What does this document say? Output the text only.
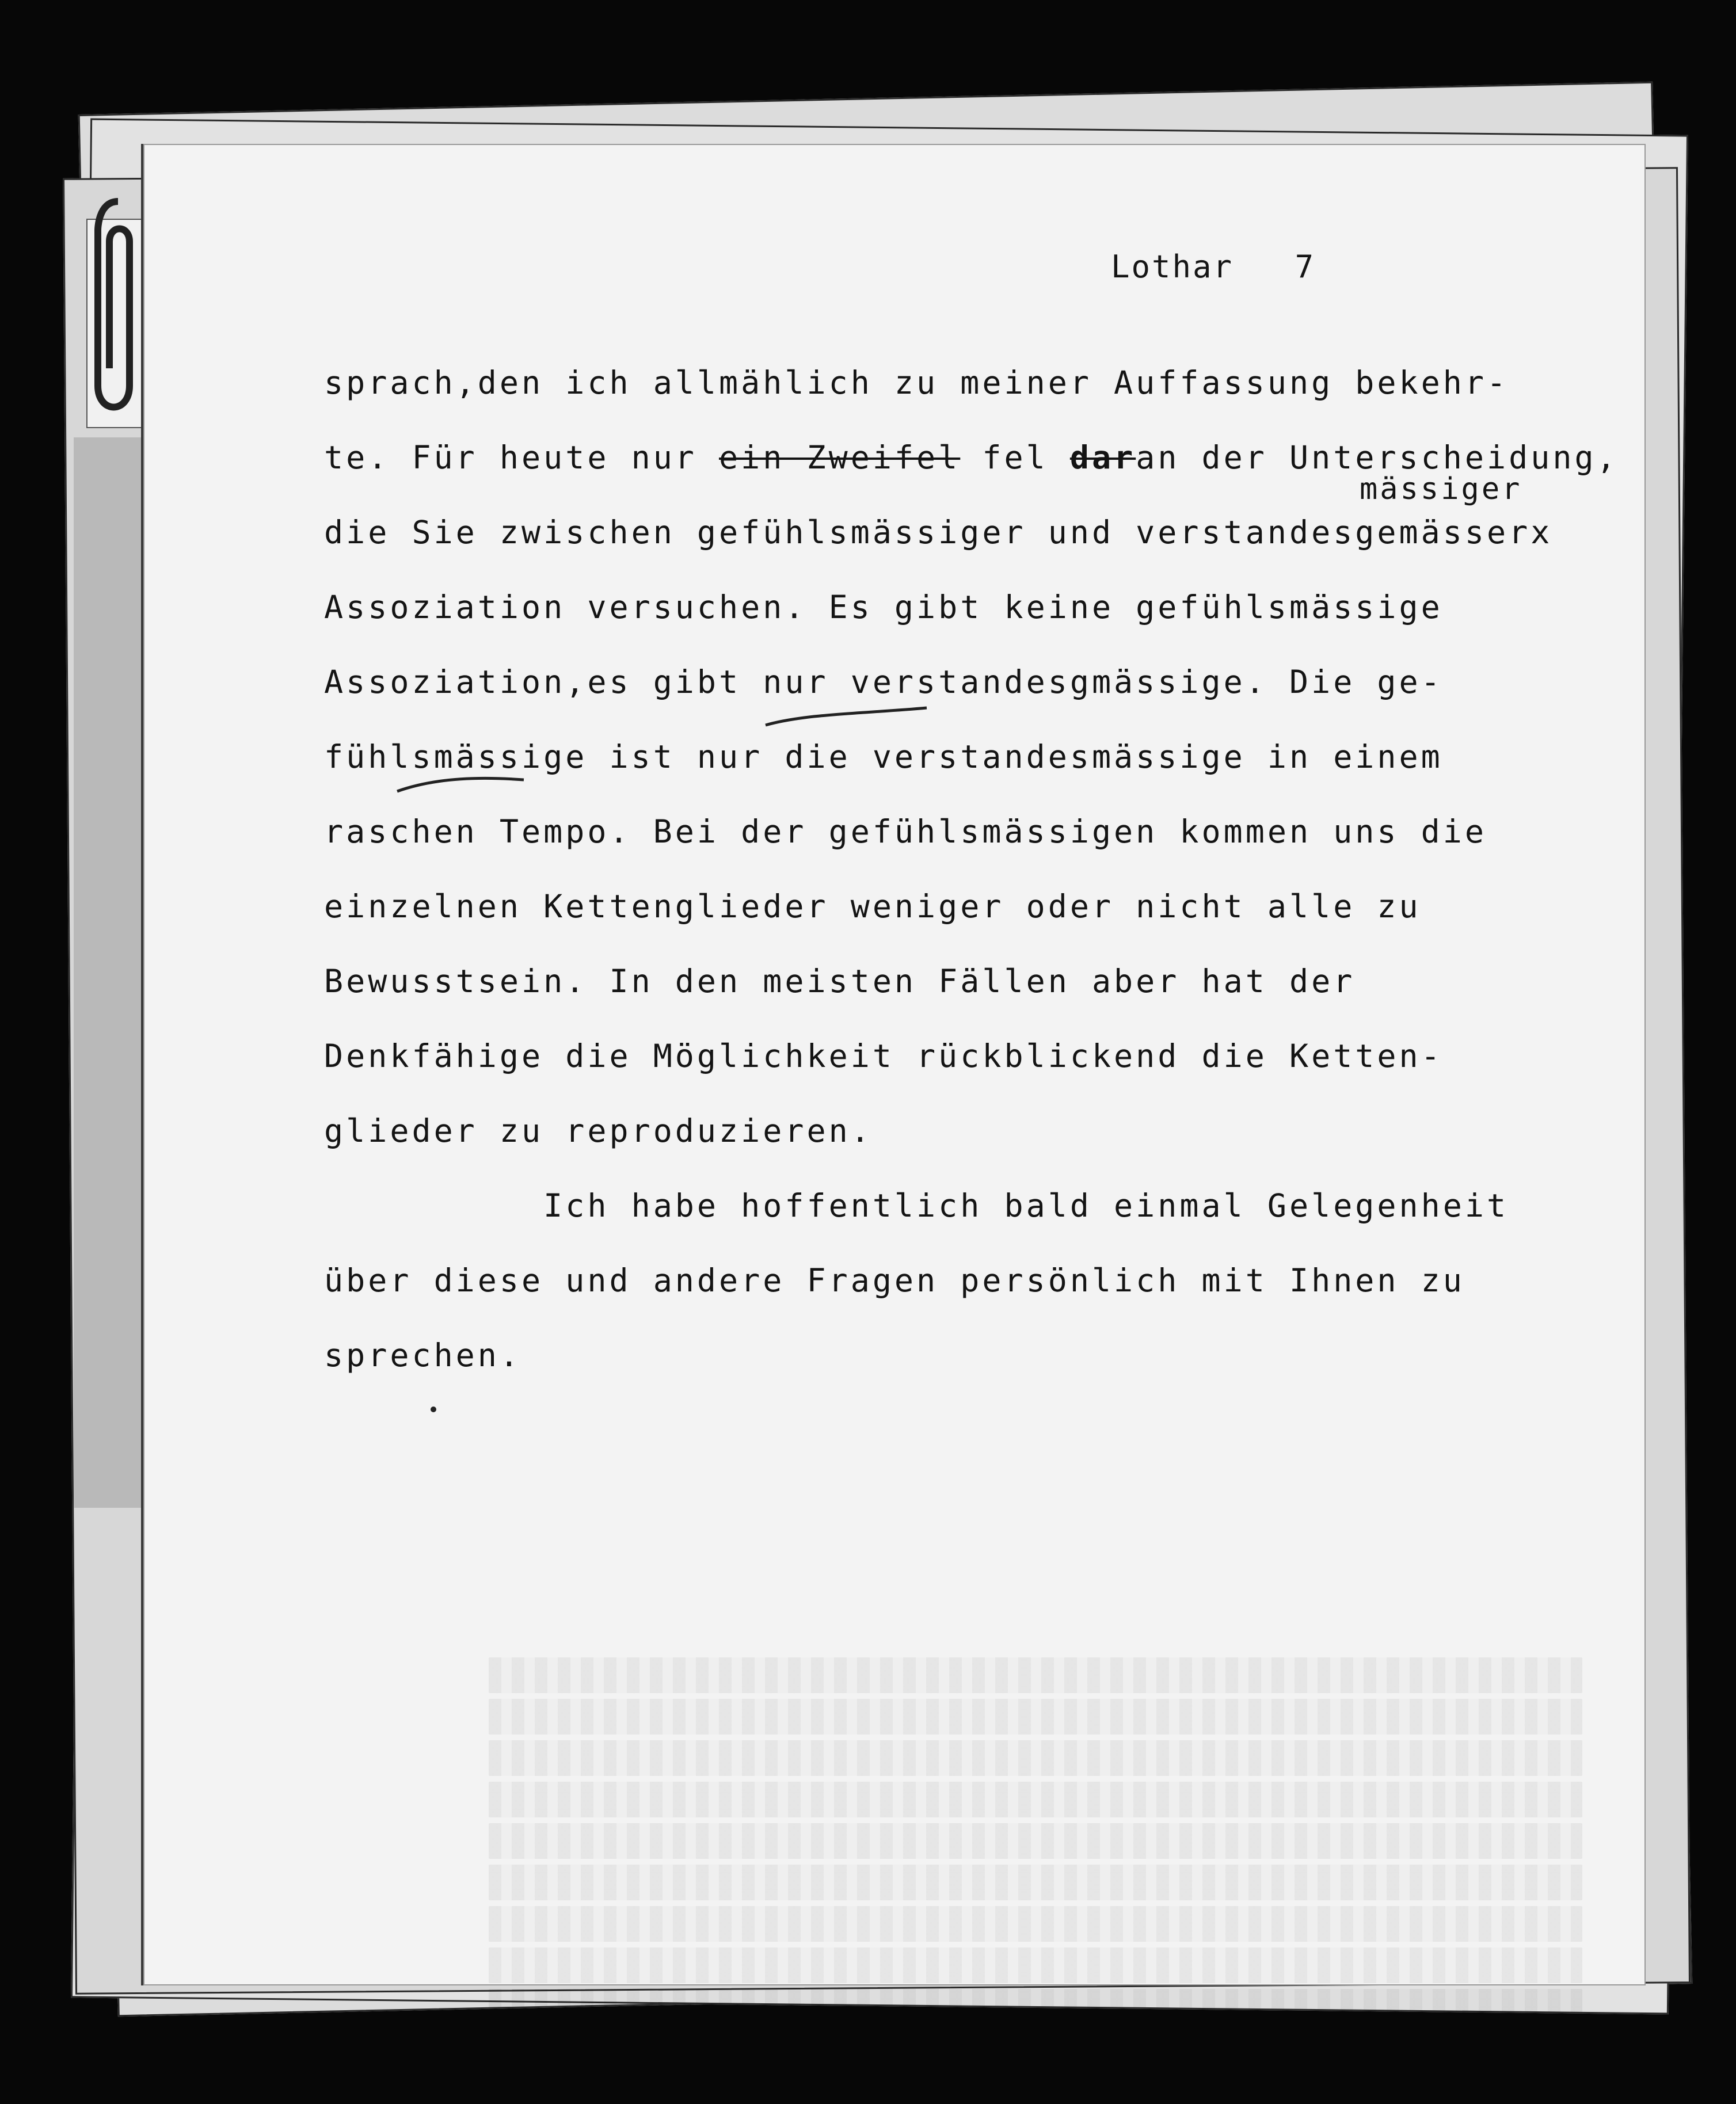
Lothar   7
mässiger
sprach,den ich allmählich zu meiner Auffassung bekehr-
te. Für heute nur ein Zweifel fel daran der Unterscheidung,
die Sie zwischen gefühlsmässiger und verstandesgemässerx
Assoziation versuchen. Es gibt keine gefühlsmässige
Assoziation,es gibt nur verstandesgmässige. Die ge-
fühlsmässige ist nur die verstandesmässige in einem
raschen Tempo. Bei der gefühlsmässigen kommen uns die
einzelnen Kettenglieder weniger oder nicht alle zu
Bewusstsein. In den meisten Fällen aber hat der
Denkfähige die Möglichkeit rückblickend die Ketten-
glieder zu reproduzieren.
Ich habe hoffentlich bald einmal Gelegenheit
über diese und andere Fragen persönlich mit Ihnen zu
sprechen.
